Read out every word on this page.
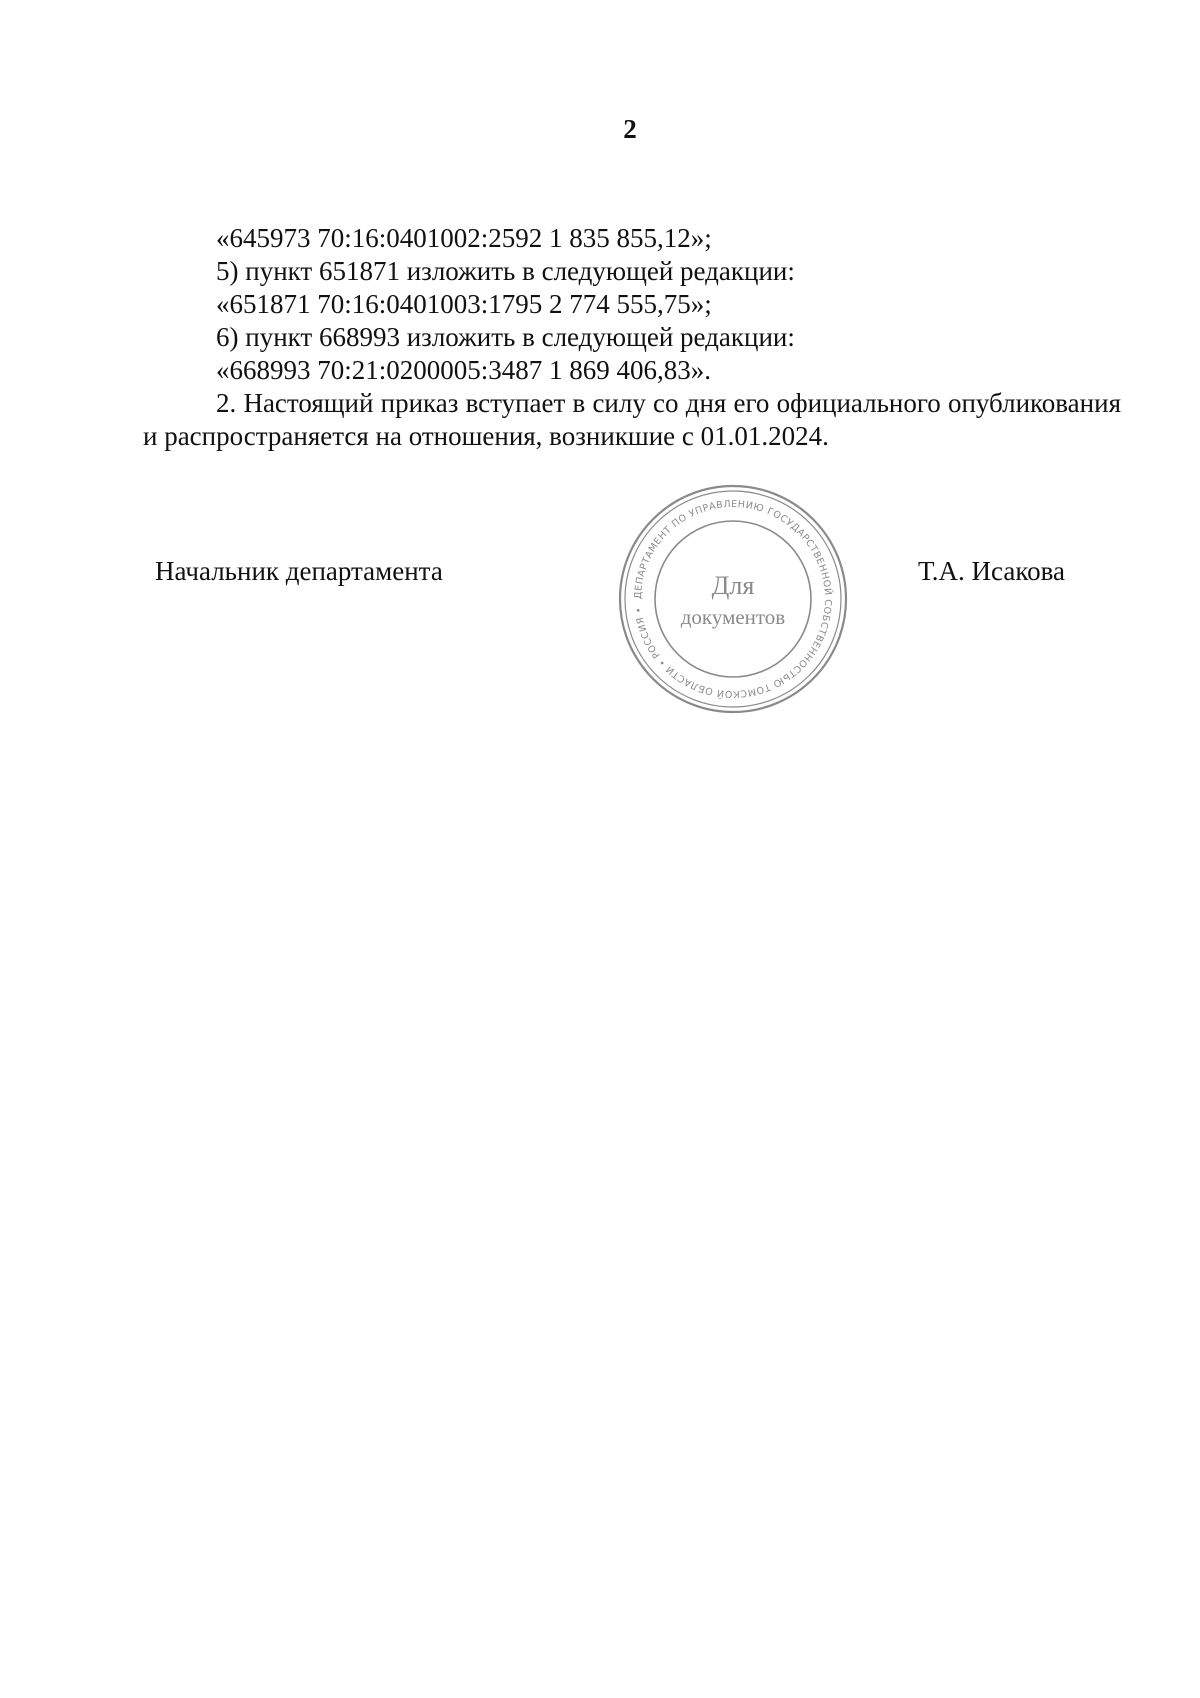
2
«645973 70:16:0401002:2592 1 835 855,12»;
5) пункт 651871 изложить в следующей редакции:
«651871 70:16:0401003:1795 2 774 555,75»;
6) пункт 668993 изложить в следующей редакции:
«668993 70:21:0200005:3487 1 869 406,83».
2. Настоящий приказ вступает в силу со дня его официального опубликования и распространяется на отношения, возникшие с 01.01.2024.
Начальник департамента
ДЕПАРТАМЕНТ ПО УПРАВЛЕНИЮ ГОСУДАРСТВЕННОЙ СОБСТВЕННОСТЬЮ ТОМСКОЙ ОБЛАСТИ • РОССИЯ •
Для
документов
Т.А. Исакова
